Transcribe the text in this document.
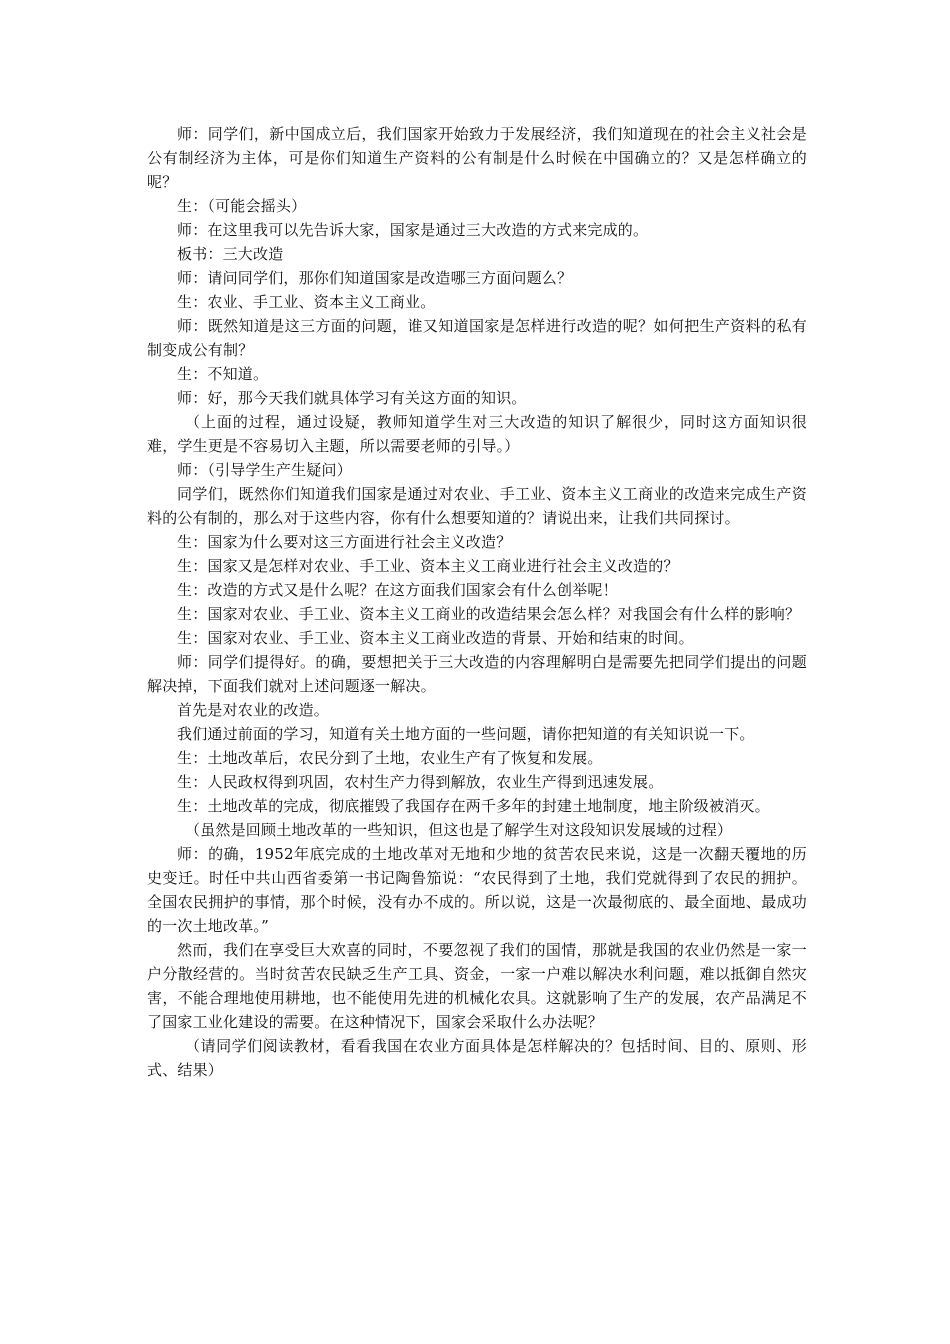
师：同学们，新中国成立后，我们国家开始致力于发展经济，我们知道现在的社会主义社会是公有制经济为主体，可是你们知道生产资料的公有制是什么时候在中国确立的？又是怎样确立的呢？

生：（可能会摇头）

师：在这里我可以先告诉大家，国家是通过三大改造的方式来完成的。

板书：三大改造

师：请问同学们，那你们知道国家是改造哪三方面问题么？

生：农业、手工业、资本主义工商业。

师：既然知道是这三方面的问题，谁又知道国家是怎样进行改造的呢？如何把生产资料的私有制变成公有制？

生：不知道。

师：好，那今天我们就具体学习有关这方面的知识。

（上面的过程，通过设疑，教师知道学生对三大改造的知识了解很少，同时这方面知识很难，学生更是不容易切入主题，所以需要老师的引导。）

师：（引导学生产生疑问）

同学们，既然你们知道我们国家是通过对农业、手工业、资本主义工商业的改造来完成生产资料的公有制的，那么对于这些内容，你有什么想要知道的？请说出来，让我们共同探讨。

生：国家为什么要对这三方面进行社会主义改造？

生：国家又是怎样对农业、手工业、资本主义工商业进行社会主义改造的？

生：改造的方式又是什么呢？在这方面我们国家会有什么创举呢！

生：国家对农业、手工业、资本主义工商业的改造结果会怎么样？对我国会有什么样的影响？

生：国家对农业、手工业、资本主义工商业改造的背景、开始和结束的时间。

师：同学们提得好。的确，要想把关于三大改造的内容理解明白是需要先把同学们提出的问题解决掉，下面我们就对上述问题逐一解决。

首先是对农业的改造。

我们通过前面的学习，知道有关土地方面的一些问题，请你把知道的有关知识说一下。

生：土地改革后，农民分到了土地，农业生产有了恢复和发展。

生：人民政权得到巩固，农村生产力得到解放，农业生产得到迅速发展。

生：土地改革的完成，彻底摧毁了我国存在两千多年的封建土地制度，地主阶级被消灭。

（虽然是回顾土地改革的一些知识，但这也是了解学生对这段知识发展域的过程）

师：的确，1952年底完成的土地改革对无地和少地的贫苦农民来说，这是一次翻天覆地的历史变迁。时任中共山西省委第一书记陶鲁笳说：“农民得到了土地，我们党就得到了农民的拥护。全国农民拥护的事情，那个时候，没有办不成的。所以说，这是一次最彻底的、最全面地、最成功的一次土地改革。”

然而，我们在享受巨大欢喜的同时，不要忽视了我们的国情，那就是我国的农业仍然是一家一户分散经营的。当时贫苦农民缺乏生产工具、资金，一家一户难以解决水利问题，难以抵御自然灾害，不能合理地使用耕地，也不能使用先进的机械化农具。这就影响了生产的发展，农产品满足不了国家工业化建设的需要。在这种情况下，国家会采取什么办法呢？

（请同学们阅读教材，看看我国在农业方面具体是怎样解决的？包括时间、目的、原则、形式、结果）
